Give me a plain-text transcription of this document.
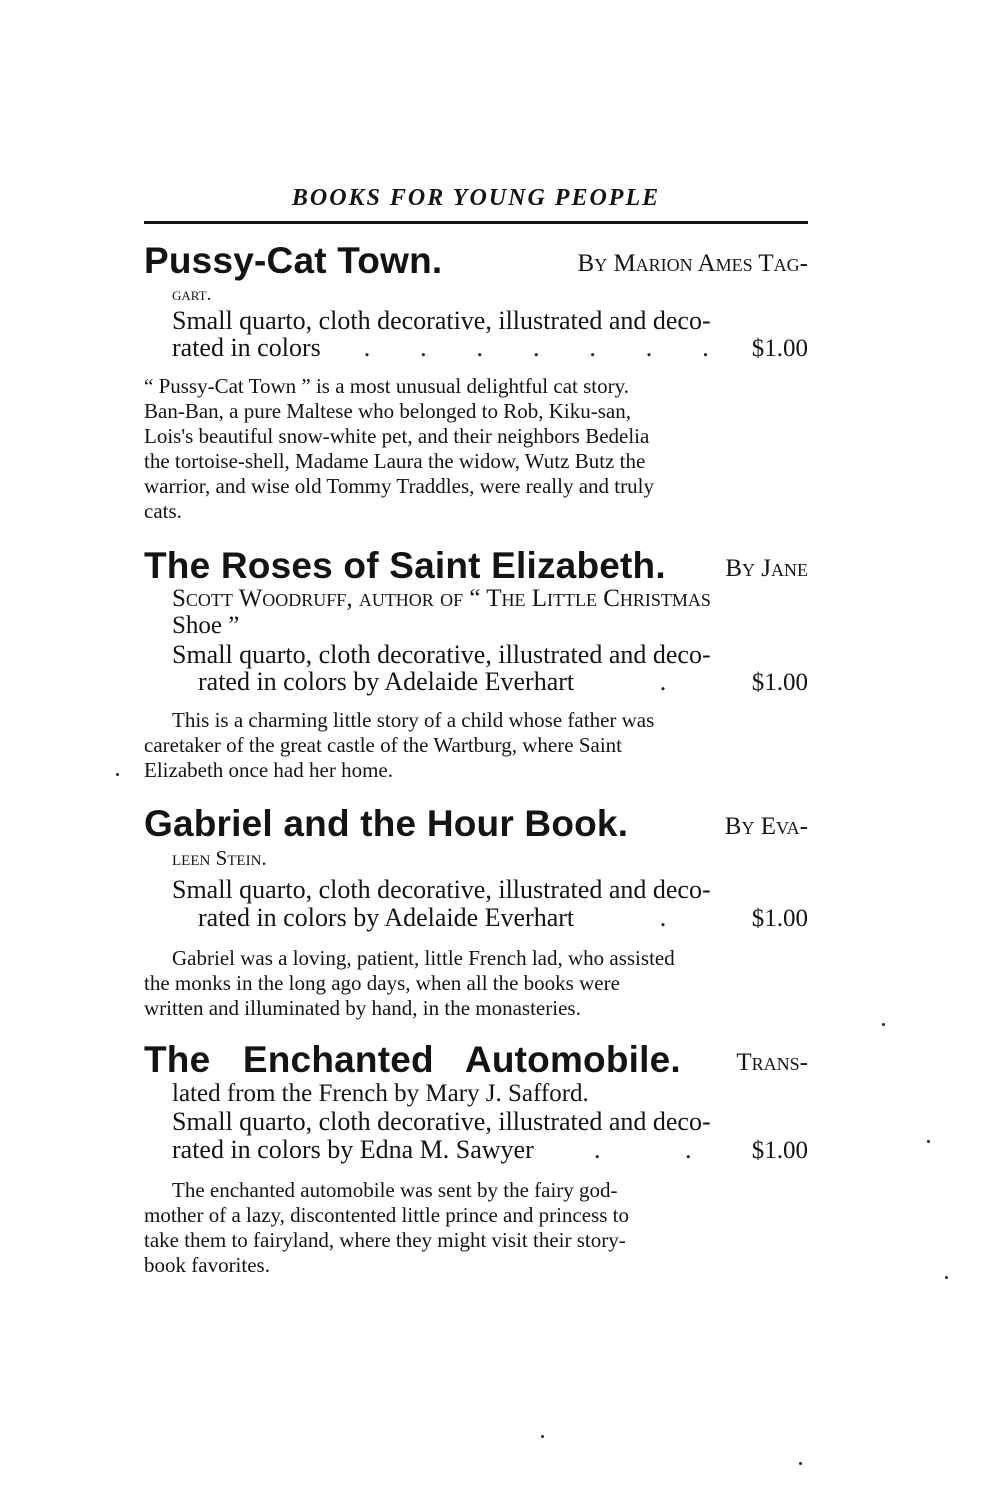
BOOKS FOR YOUNG PEOPLE
Pussy-Cat Town.	By Marion Ames Tag-
gart.
Small quarto, cloth decorative, illustrated and deco-
rated in colors . . . . . . . $1.00
“ Pussy-Cat Town ” is a most unusual delightful cat story.
Ban-Ban, a pure Maltese who belonged to Rob, Kiku-san,
Lois's beautiful snow-white pet, and their neighbors Bedelia
the tortoise-shell, Madame Laura the widow, Wutz Butz the
warrior, and wise old Tommy Traddles, were really and truly
cats.
The Roses of Saint Elizabeth. By Jane
Scott Woodruff, author of “ The Little Christmas
Shoe ”
Small quarto, cloth decorative, illustrated and deco-
rated in colors by Adelaide Everhart	.	$1.00
This is a charming little story of a child whose father was
caretaker of the great castle of the Wartburg, where Saint
Elizabeth once had her home.
Gabriel and the Hour Book.	By Eva-
leen Stein.
Small quarto, cloth decorative, illustrated and deco-
rated in colors by Adelaide Everhart	.	$1.00
Gabriel was a loving, patient, little French lad, who assisted
the monks in the long ago days, when all the books were
written and illuminated by hand, in the monasteries.
The Enchanted Automobile. Trans-
lated from the French by Mary J. Safford.
Small quarto, cloth decorative, illustrated and deco-
rated in colors by Edna M. Sawyer .	. $1.00
The enchanted automobile was sent by the fairy god-
mother of a lazy, discontented little prince and princess to
take them to fairyland, where they might visit their story-
book favorites.
